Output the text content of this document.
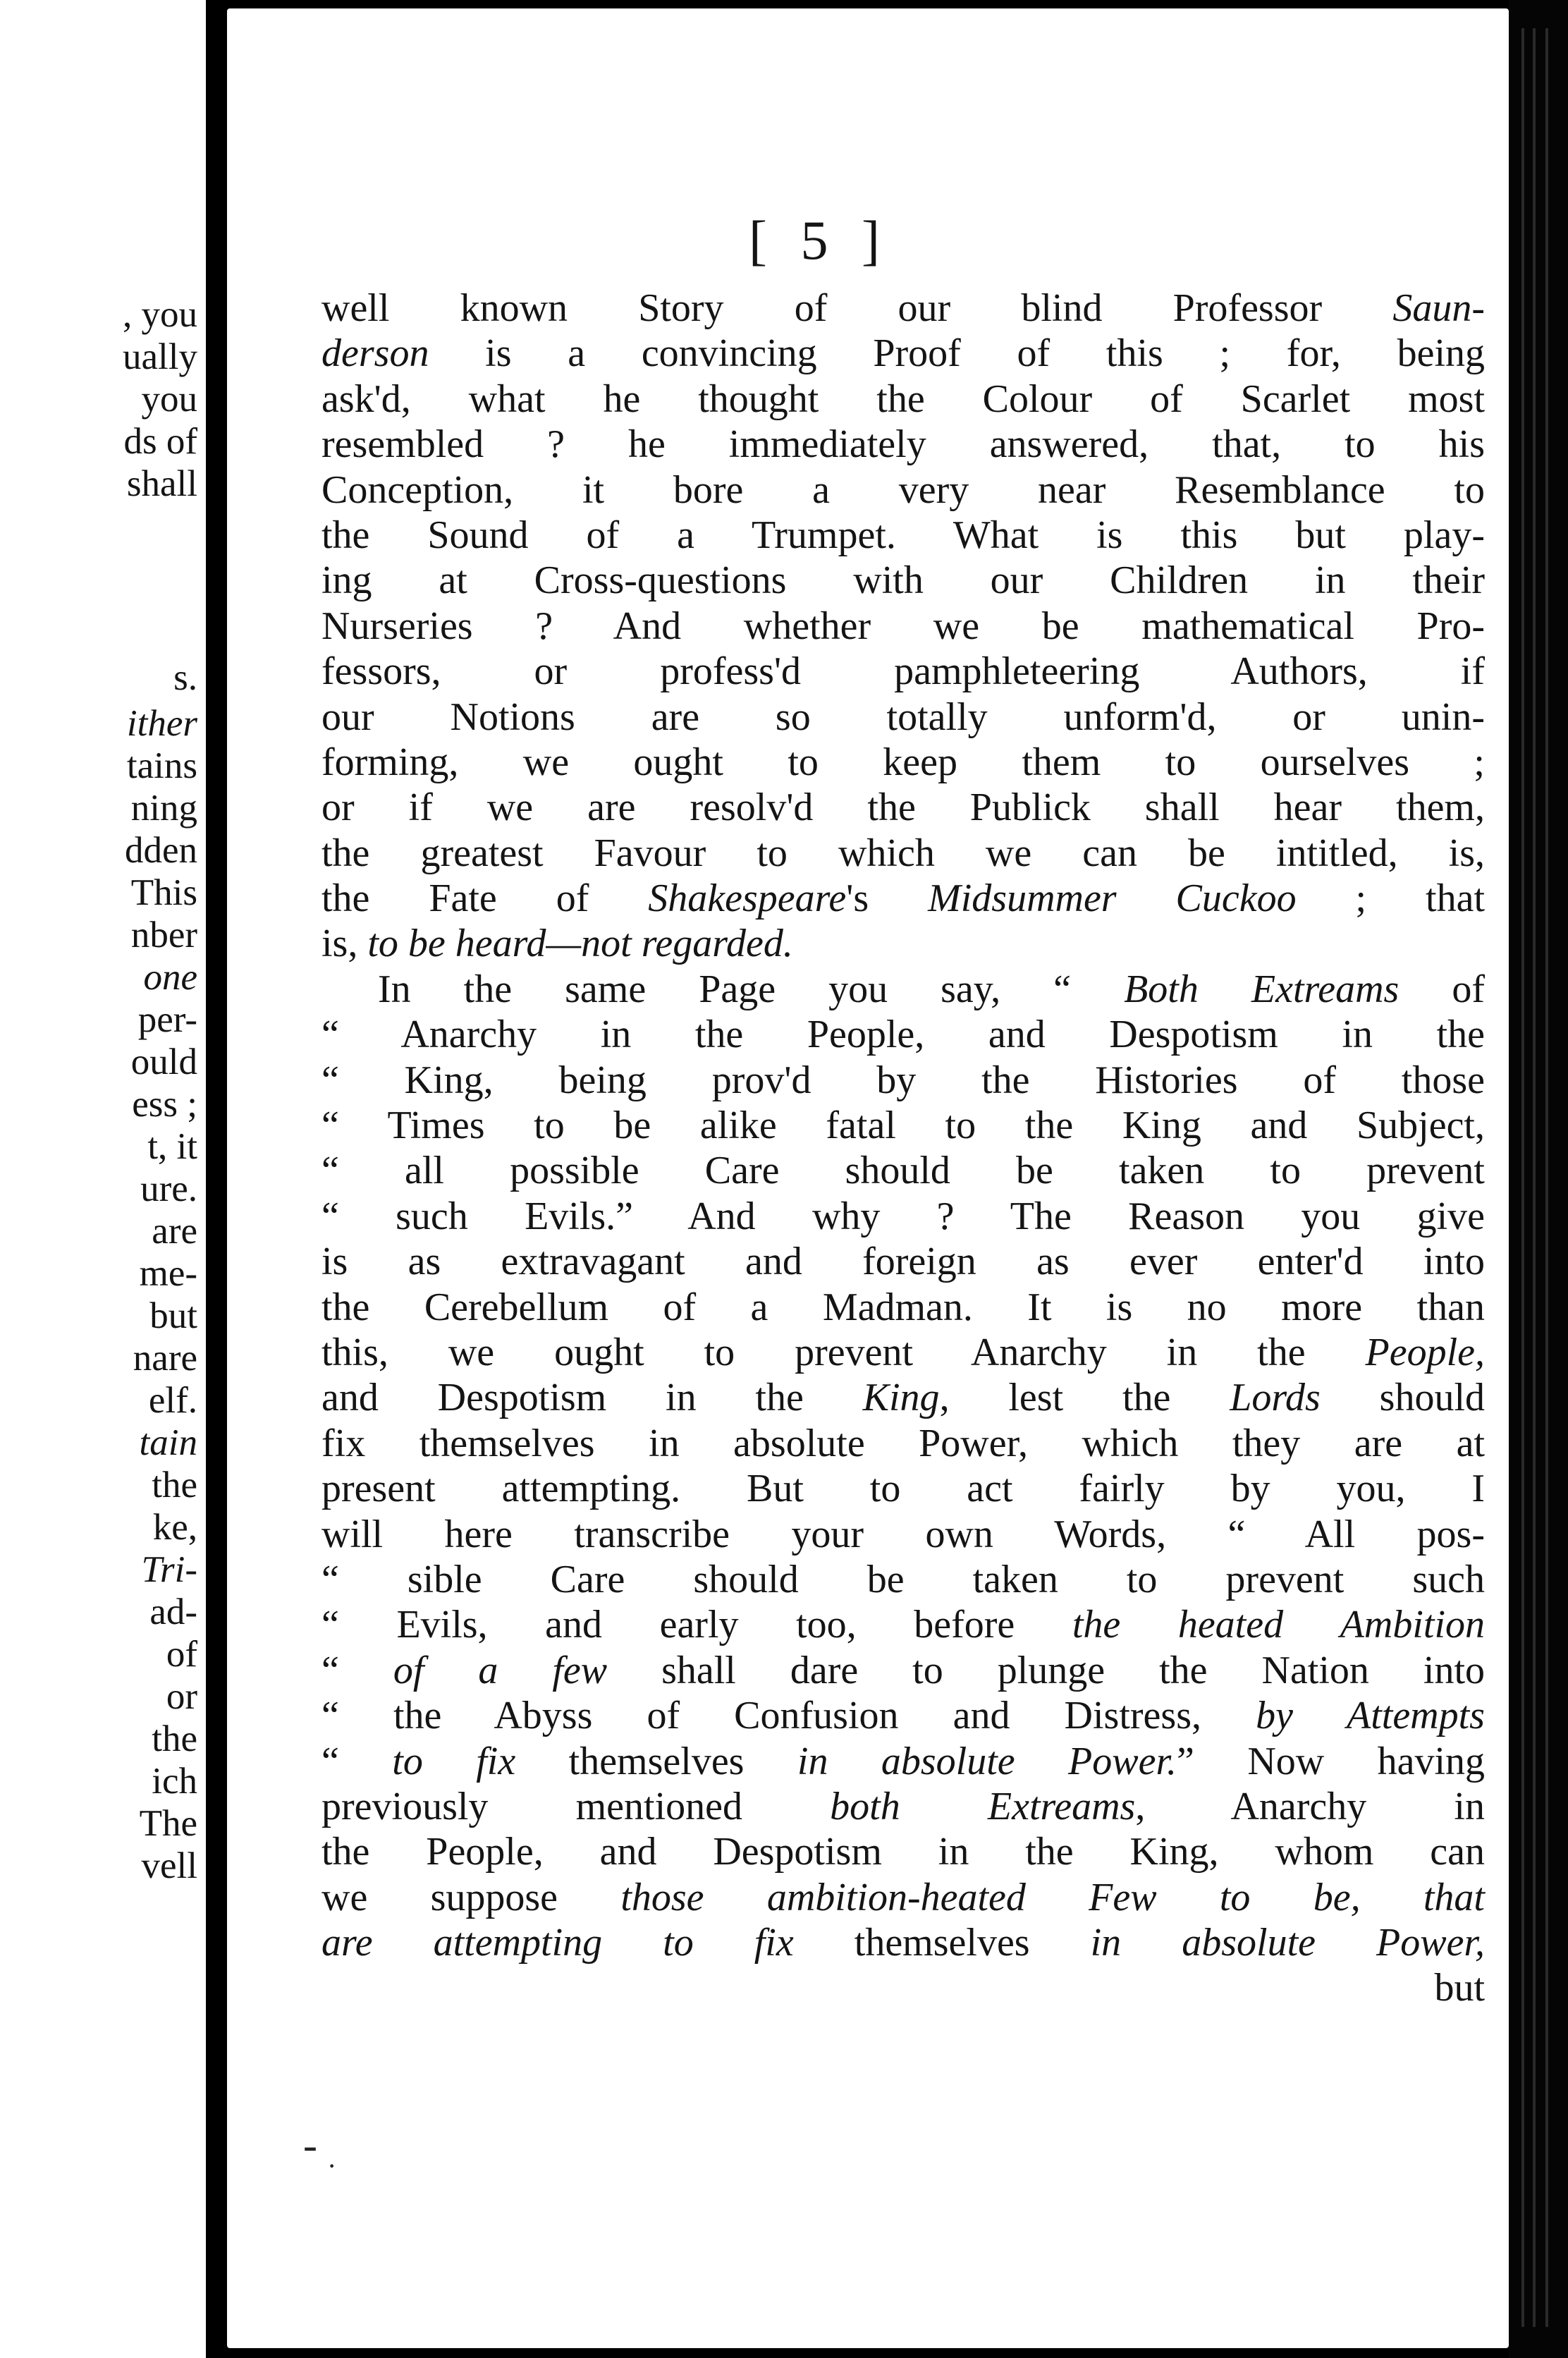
, you
ually
you
ds of
shall
s.
ither
tains
ning
dden
This
nber
one
per-
ould
ess ;
t, it
ure.
are
me-
but
nare
elf.
tain
the
ke,
Tri-
ad-
of
or
the
ich
The
vell
[ 5 ]
well known Story of our blind Professor Saun-
derson is a convincing Proof of this ; for, being
ask'd, what he thought the Colour of Scarlet most
resembled ? he immediately answered, that, to his
Conception, it bore a very near Resemblance to
the Sound of a Trumpet. What is this but play-
ing at Cross-questions with our Children in their
Nurseries ? And whether we be mathematical Pro-
fessors, or profess'd pamphleteering Authors, if
our Notions are so totally unform'd, or unin-
forming, we ought to keep them to ourselves ;
or if we are resolv'd the Publick shall hear them,
the greatest Favour to which we can be intitled, is,
the Fate of Shakespeare's Midsummer Cuckoo ; that
is, to be heard—not regarded.
In the same Page you say, “ Both Extreams of
“ Anarchy in the People, and Despotism in the
“ King, being prov'd by the Histories of those
“ Times to be alike fatal to the King and Subject,
“ all possible Care should be taken to prevent
“ such Evils.” And why ? The Reason you give
is as extravagant and foreign as ever enter'd into
the Cerebellum of a Madman. It is no more than
this, we ought to prevent Anarchy in the People,
and Despotism in the King, lest the Lords should
fix themselves in absolute Power, which they are at
present attempting. But to act fairly by you, I
will here transcribe your own Words, “ All pos-
“ sible Care should be taken to prevent such
“ Evils, and early too, before the heated Ambition
“ of a few shall dare to plunge the Nation into
“ the Abyss of Confusion and Distress, by Attempts
“ to fix themselves in absolute Power.” Now having
previously mentioned both Extreams, Anarchy in
the People, and Despotism in the King, whom can
we suppose those ambition-heated Few to be, that
are attempting to fix themselves in absolute Power,
but
- ·
